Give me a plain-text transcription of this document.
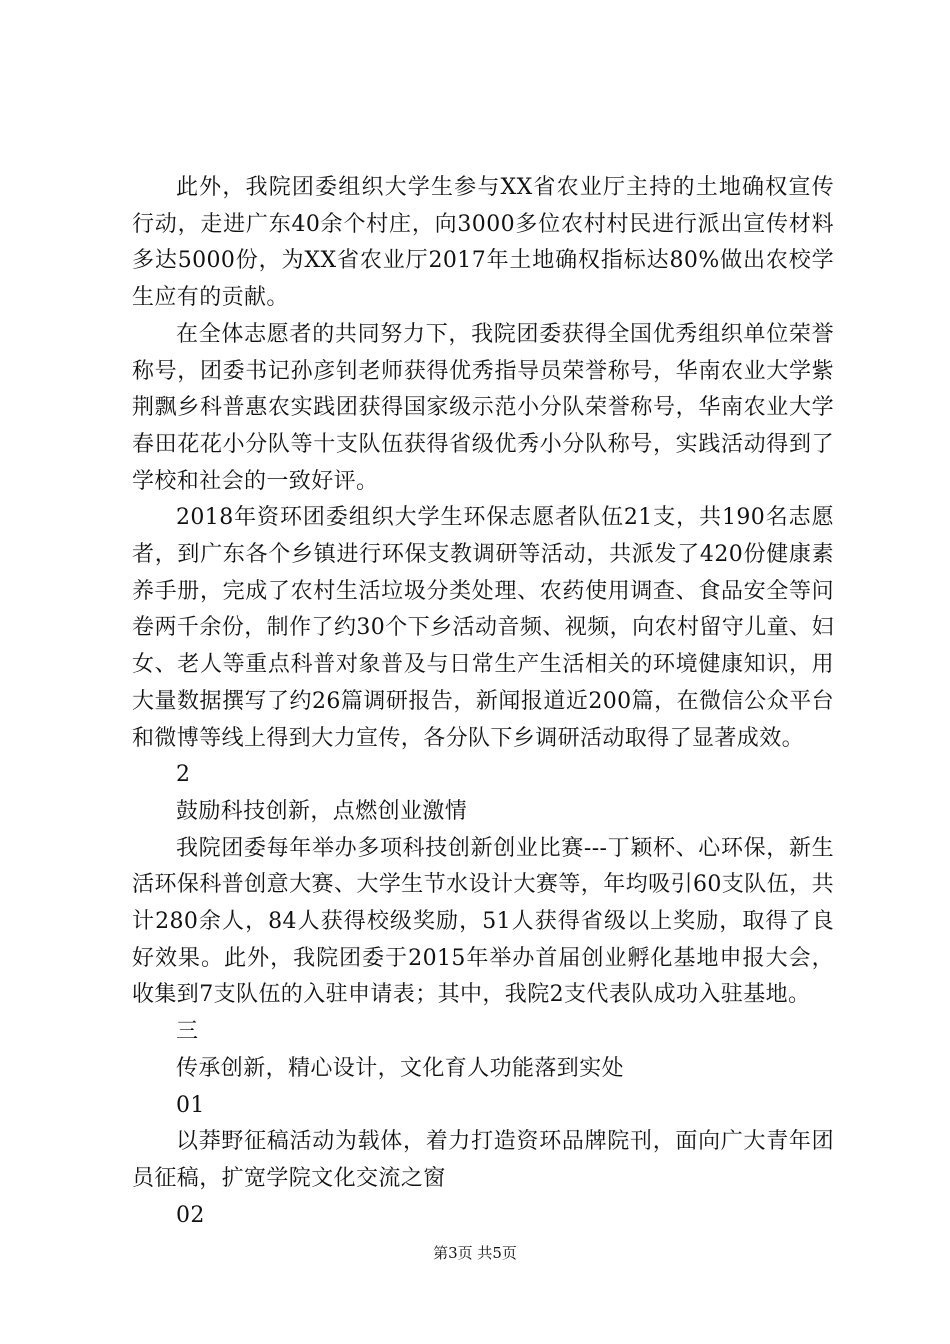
此外，我院团委组织大学生参与XX省农业厅主持的土地确权宣传行动，走进广东40余个村庄，向3000多位农村村民进行派出宣传材料多达5000份，为XX省农业厅2017年土地确权指标达80%做出农校学生应有的贡献。

在全体志愿者的共同努力下，我院团委获得全国优秀组织单位荣誉称号，团委书记孙彦钊老师获得优秀指导员荣誉称号，华南农业大学紫荆飘乡科普惠农实践团获得国家级示范小分队荣誉称号，华南农业大学春田花花小分队等十支队伍获得省级优秀小分队称号，实践活动得到了学校和社会的一致好评。

2018年资环团委组织大学生环保志愿者队伍21支，共190名志愿者，到广东各个乡镇进行环保支教调研等活动，共派发了420份健康素养手册，完成了农村生活垃圾分类处理、农药使用调查、食品安全等问卷两千余份，制作了约30个下乡活动音频、视频，向农村留守儿童、妇女、老人等重点科普对象普及与日常生产生活相关的环境健康知识，用大量数据撰写了约26篇调研报告，新闻报道近200篇，在微信公众平台和微博等线上得到大力宣传，各分队下乡调研活动取得了显著成效。

2

鼓励科技创新，点燃创业激情

我院团委每年举办多项科技创新创业比赛---丁颖杯、心环保，新生活环保科普创意大赛、大学生节水设计大赛等，年均吸引60支队伍，共计280余人，84人获得校级奖励，51人获得省级以上奖励，取得了良好效果。此外，我院团委于2015年举办首届创业孵化基地申报大会，收集到7支队伍的入驻申请表；其中，我院2支代表队成功入驻基地。

三

传承创新，精心设计，文化育人功能落到实处

01

以莽野征稿活动为载体，着力打造资环品牌院刊，面向广大青年团员征稿，扩宽学院文化交流之窗

02

第3页 共5页
